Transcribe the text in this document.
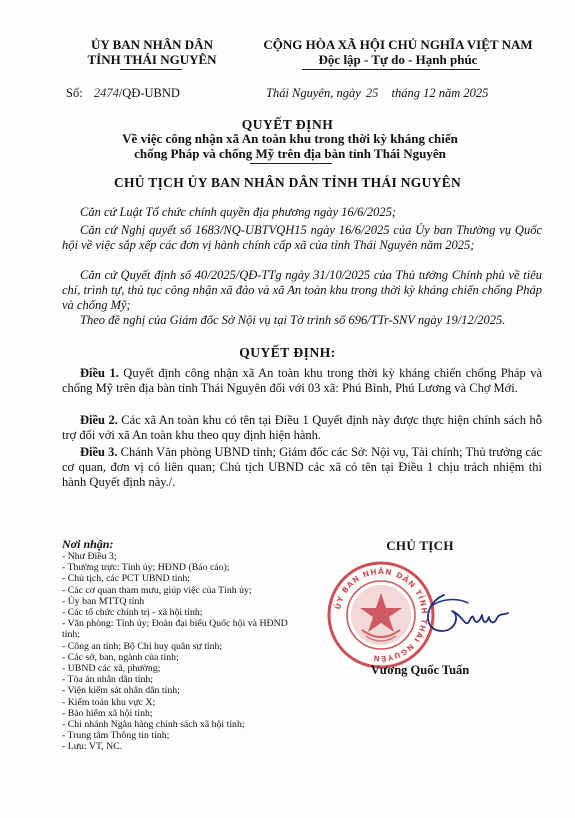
ỦY BAN NHÂN DÂN
TỈNH THÁI NGUYÊN
CỘNG HÒA XÃ HỘI CHỦ NGHĨA VIỆT NAM
Độc lập - Tự do - Hạnh phúc
Số: 2474/QĐ-UBND	Thái Nguyên, ngày 25 tháng 12 năm 2025
QUYẾT ĐỊNH
Về việc công nhận xã An toàn khu trong thời kỳ kháng chiến
chống Pháp và chống Mỹ trên địa bàn tỉnh Thái Nguyên
CHỦ TỊCH ỦY BAN NHÂN DÂN TỈNH THÁI NGUYÊN
Căn cứ Luật Tổ chức chính quyền địa phương ngày 16/6/2025;
Căn cứ Nghị quyết số 1683/NQ-UBTVQH15 ngày 16/6/2025 của Ủy ban Thường vụ Quốc hội về việc sắp xếp các đơn vị hành chính cấp xã của tỉnh Thái Nguyên năm 2025;
Căn cứ Quyết định số 40/2025/QĐ-TTg ngày 31/10/2025 của Thủ tướng Chính phủ về tiêu chí, trình tự, thủ tục công nhận xã đảo và xã An toàn khu trong thời kỳ kháng chiến chống Pháp và chống Mỹ;
Theo đề nghị của Giám đốc Sở Nội vụ tại Tờ trình số 696/TTr-SNV ngày 19/12/2025.
QUYẾT ĐỊNH:
Điều 1. Quyết định công nhận xã An toàn khu trong thời kỳ kháng chiến chống Pháp và chống Mỹ trên địa bàn tỉnh Thái Nguyên đối với 03 xã: Phú Bình, Phú Lương và Chợ Mới.
Điều 2. Các xã An toàn khu có tên tại Điều 1 Quyết định này được thực hiện chính sách hỗ trợ đối với xã An toàn khu theo quy định hiện hành.
Điều 3. Chánh Văn phòng UBND tỉnh; Giám đốc các Sở: Nội vụ, Tài chính; Thủ trưởng các cơ quan, đơn vị có liên quan; Chủ tịch UBND các xã có tên tại Điều 1 chịu trách nhiệm thi hành Quyết định này./.
Nơi nhận:
- Như Điều 3;
- Thường trực: Tỉnh ủy; HĐND (Báo cáo);
- Chủ tịch, các PCT UBND tỉnh;
- Các cơ quan tham mưu, giúp việc của Tỉnh ủy;
- Ủy ban MTTQ tỉnh
- Các tổ chức chính trị - xã hội tỉnh;
- Văn phòng: Tỉnh ủy; Đoàn đại biểu Quốc hội và HĐND tỉnh;
- Công an tỉnh; Bộ Chỉ huy quân sự tỉnh;
- Các sở, ban, ngành của tỉnh;
- UBND các xã, phường;
- Tòa án nhân dân tỉnh;
- Viện kiểm sát nhân dân tỉnh;
- Kiểm toán khu vực X;
- Bảo hiểm xã hội tỉnh;
- Chi nhánh Ngân hàng chính sách xã hội tỉnh;
- Trung tâm Thông tin tỉnh;
- Lưu: VT, NC.
CHỦ TỊCH
ỦY BAN NHÂN DÂN TỈNH THÁI NGUYÊN
Vương Quốc Tuấn
